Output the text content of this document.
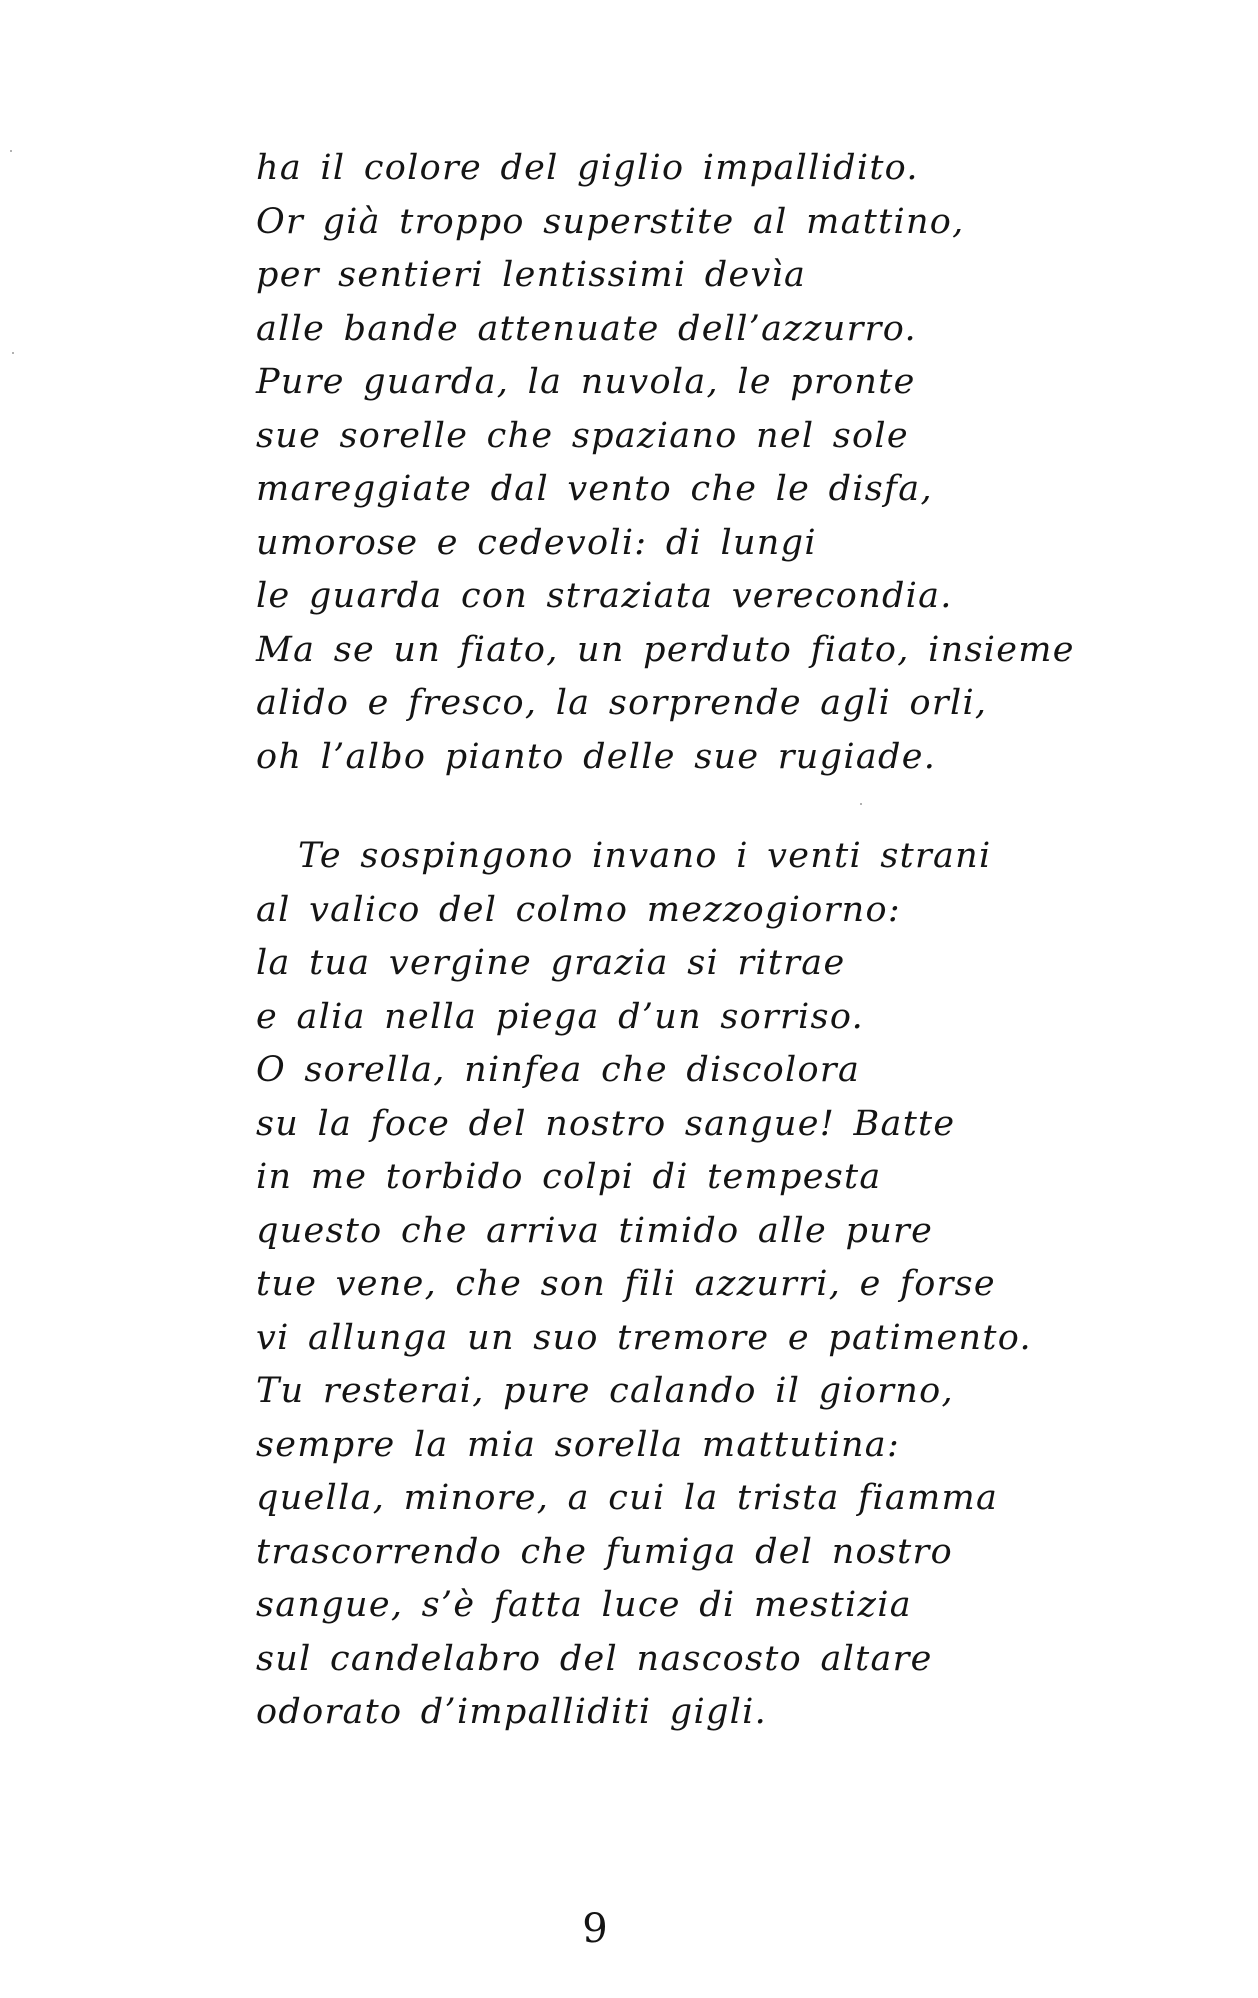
ha il colore del giglio impallidito.
Or già troppo superstite al mattino,
per sentieri lentissimi devìa
alle bande attenuate dell’azzurro.
Pure guarda, la nuvola, le pronte
sue sorelle che spaziano nel sole
mareggiate dal vento che le disfa,
umorose e cedevoli: di lungi
le guarda con straziata verecondia.
Ma se un fiato, un perduto fiato, insieme
alido e fresco, la sorprende agli orli,
oh l’albo pianto delle sue rugiade.
Te sospingono invano i venti strani
al valico del colmo mezzogiorno:
la tua vergine grazia si ritrae
e alia nella piega d’un sorriso.
O sorella, ninfea che discolora
su la foce del nostro sangue! Batte
in me torbido colpi di tempesta
questo che arriva timido alle pure
tue vene, che son fili azzurri, e forse
vi allunga un suo tremore e patimento.
Tu resterai, pure calando il giorno,
sempre la mia sorella mattutina:
quella, minore, a cui la trista fiamma
trascorrendo che fumiga del nostro
sangue, s’è fatta luce di mestizia
sul candelabro del nascosto altare
odorato d’impalliditi gigli.
9
